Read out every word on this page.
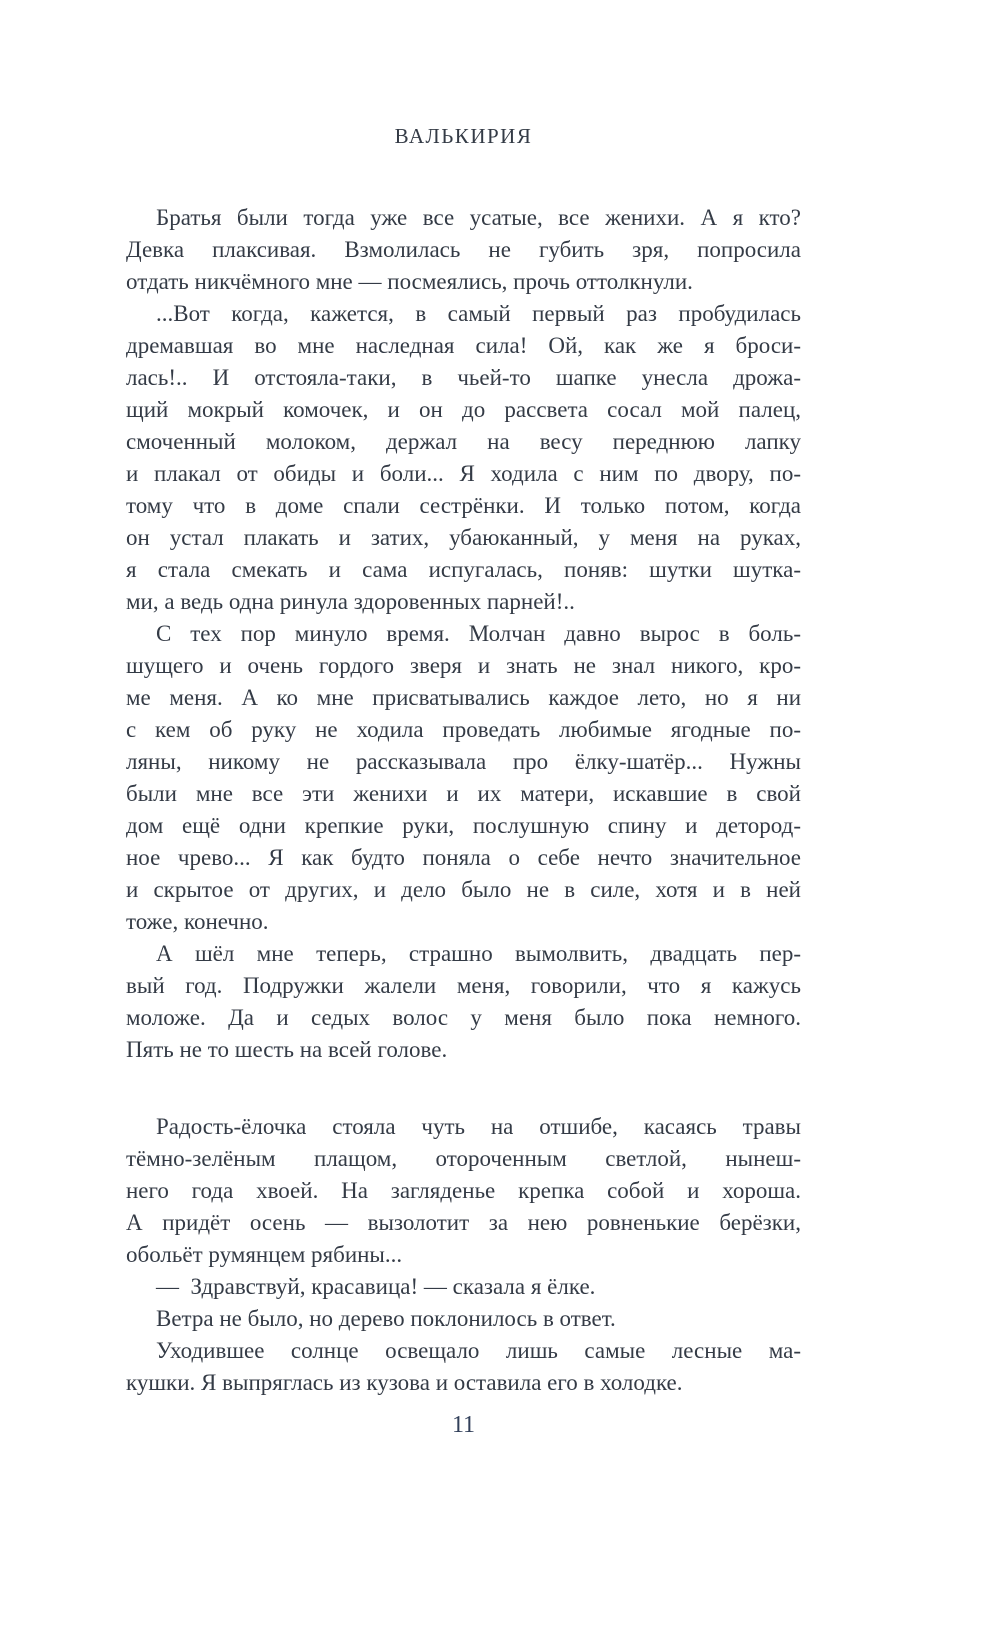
ВАЛЬКИРИЯ
Братья были тогда уже все усатые, все женихи. А я кто?
Девка плаксивая. Взмолилась не губить зря, попросила
отдать никчёмного мне — посмеялись, прочь оттолкнули.
...Вот когда, кажется, в самый первый раз пробудилась
дремавшая во мне наследная сила! Ой, как же я броси-
лась!.. И отстояла-таки, в чьей-то шапке унесла дрожа-
щий мокрый комочек, и он до рассвета сосал мой палец,
смоченный молоком, держал на весу переднюю лапку
и плакал от обиды и боли... Я ходила с ним по двору, по-
тому что в доме спали сестрёнки. И только потом, когда
он устал плакать и затих, убаюканный, у меня на руках,
я стала смекать и сама испугалась, поняв: шутки шутка-
ми, а ведь одна ринула здоровенных парней!..
С тех пор минуло время. Молчан давно вырос в боль-
шущего и очень гордого зверя и знать не знал никого, кро-
ме меня. А ко мне присватывались каждое лето, но я ни
с кем об руку не ходила проведать любимые ягодные по-
ляны, никому не рассказывала про ёлку-шатёр... Нужны
были мне все эти женихи и их матери, искавшие в свой
дом ещё одни крепкие руки, послушную спину и детород-
ное чрево... Я как будто поняла о себе нечто значительное
и скрытое от других, и дело было не в силе, хотя и в ней
тоже, конечно.
А шёл мне теперь, страшно вымолвить, двадцать пер-
вый год. Подружки жалели меня, говорили, что я кажусь
моложе. Да и седых волос у меня было пока немного.
Пять не то шесть на всей голове.
Радость-ёлочка стояла чуть на отшибе, касаясь травы
тёмно-зелёным плащом, отороченным светлой, нынеш-
него года хвоей. На загляденье крепка собой и хороша.
А придёт осень — вызолотит за нею ровненькие берёзки,
обольёт румянцем рябины...
— Здравствуй, красавица! — сказала я ёлке.
Ветра не было, но дерево поклонилось в ответ.
Уходившее солнце освещало лишь самые лесные ма-
кушки. Я выпряглась из кузова и оставила его в холодке.
11
